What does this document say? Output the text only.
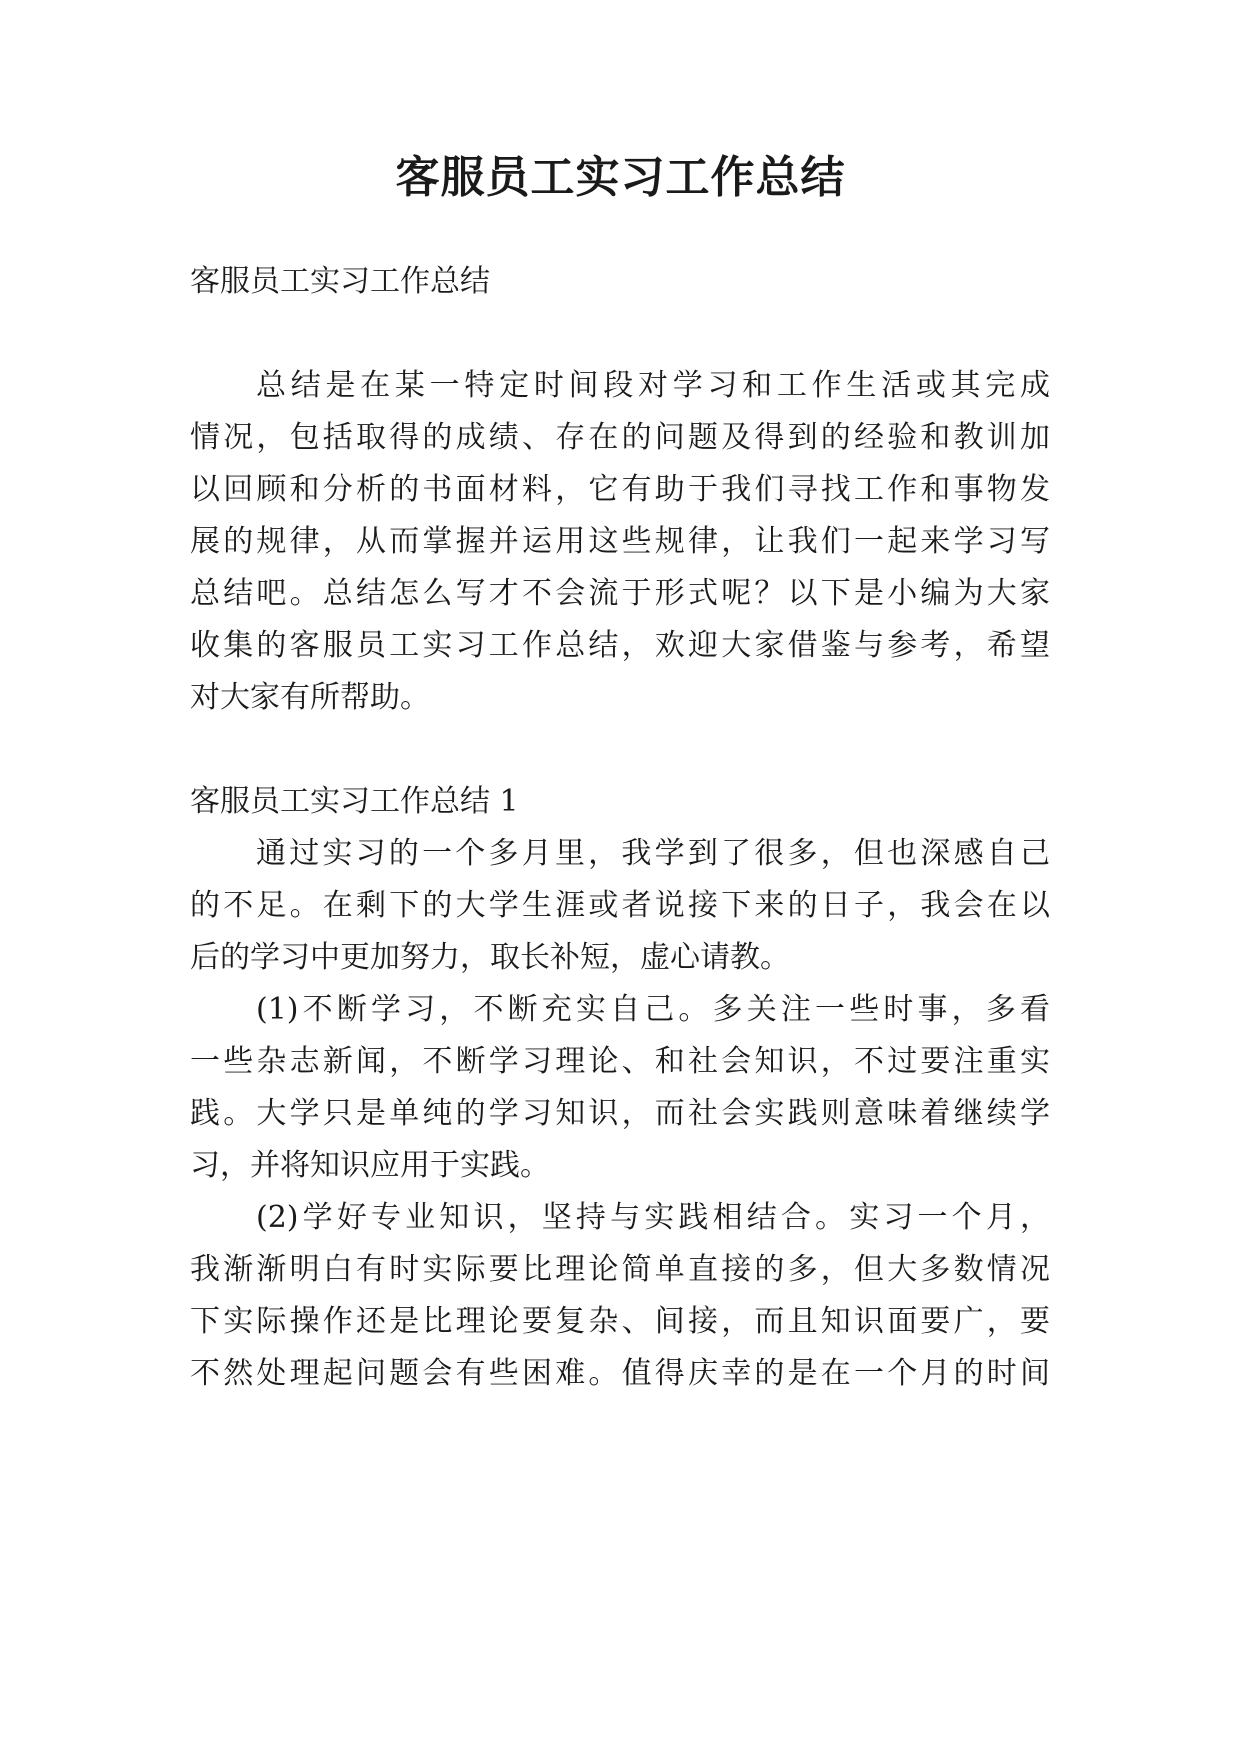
客服员工实习工作总结

客服员工实习工作总结

总结是在某一特定时间段对学习和工作生活或其完成

情况，包括取得的成绩、存在的问题及得到的经验和教训加

以回顾和分析的书面材料，它有助于我们寻找工作和事物发

展的规律，从而掌握并运用这些规律，让我们一起来学习写

总结吧。总结怎么写才不会流于形式呢？以下是小编为大家

收集的客服员工实习工作总结，欢迎大家借鉴与参考，希望

对大家有所帮助。

客服员工实习工作总结 1

通过实习的一个多月里，我学到了很多，但也深感自己

的不足。在剩下的大学生涯或者说接下来的日子，我会在以

后的学习中更加努力，取长补短，虚心请教。

(1)不断学习，不断充实自己。多关注一些时事，多看

一些杂志新闻，不断学习理论、和社会知识，不过要注重实

践。大学只是单纯的学习知识，而社会实践则意味着继续学

习，并将知识应用于实践。

(2)学好专业知识，坚持与实践相结合。实习一个月，

我渐渐明白有时实际要比理论简单直接的多，但大多数情况

下实际操作还是比理论要复杂、间接，而且知识面要广，要

不然处理起问题会有些困难。值得庆幸的是在一个月的时间
